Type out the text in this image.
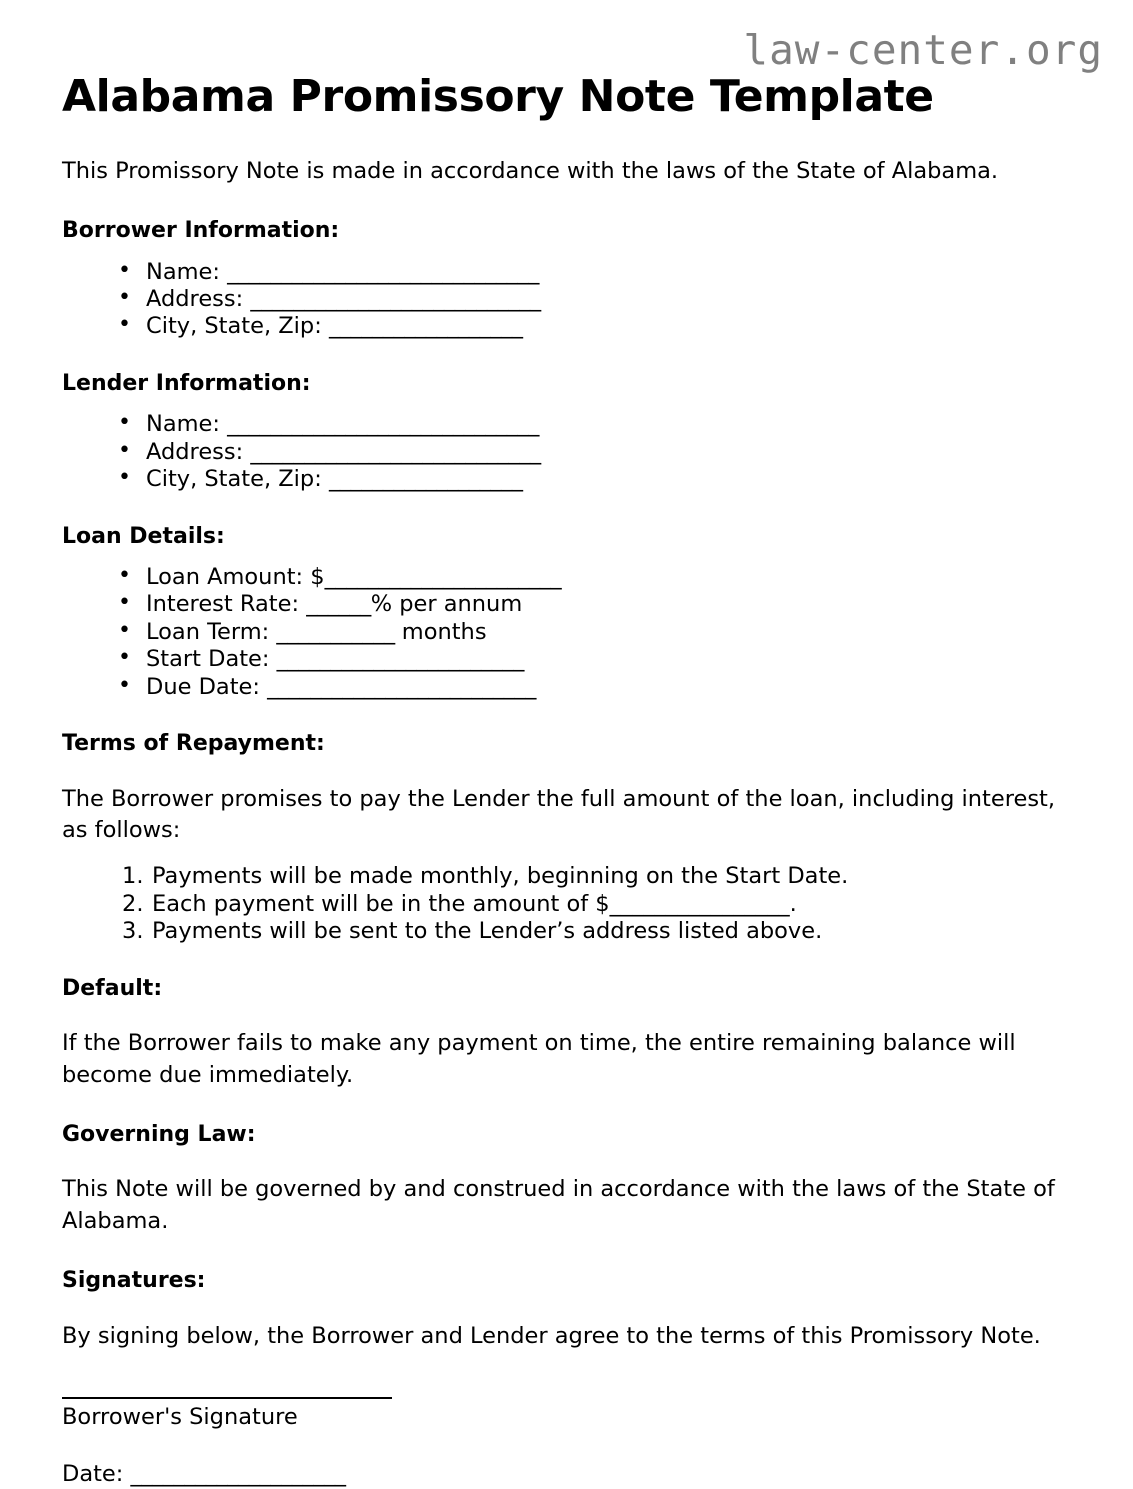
law-center.org
Alabama Promissory Note Template

This Promissory Note is made in accordance with the laws of the State of Alabama.

Borrower Information:
• Name: _____________________________
• Address: ___________________________
• City, State, Zip: __________________
Lender Information:
• Name: _____________________________
• Address: ___________________________
• City, State, Zip: __________________
Loan Details:
• Loan Amount: $______________________
• Interest Rate: ______% per annum
• Loan Term: ___________ months
• Start Date: _______________________
• Due Date: _________________________
Terms of Repayment:

The Borrower promises to pay the Lender the full amount of the loan, including interest, as follows:

Payments will be made monthly, beginning on the Start Date.
Each payment will be in the amount of $________________.
Payments will be sent to the Lender’s address listed above.
Default:

If the Borrower fails to make any payment on time, the entire remaining balance will become due immediately.

Governing Law:

This Note will be governed by and construed in accordance with the laws of the State of Alabama.

Signatures:

By signing below, the Borrower and Lender agree to the terms of this Promissory Note.

Borrower's Signature
Date: ____________________
